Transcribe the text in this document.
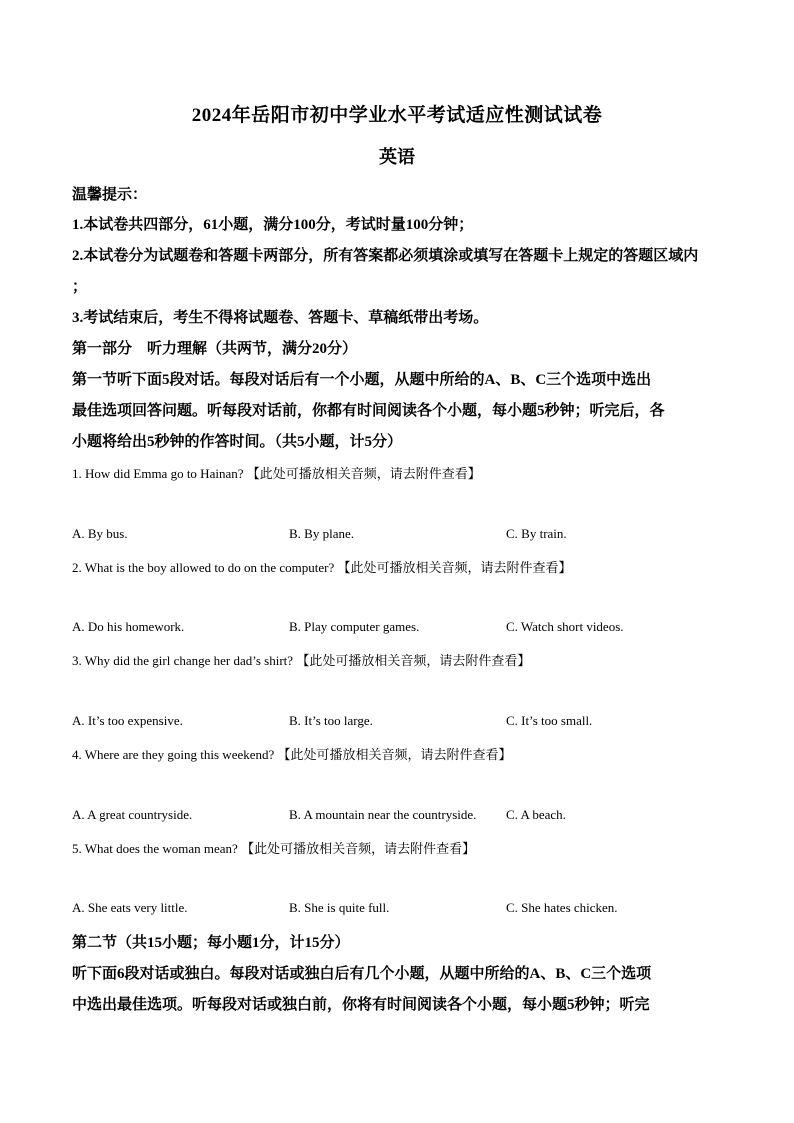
2024年岳阳市初中学业水平考试适应性测试试卷
英语
温馨提示：
1.本试卷共四部分，61小题，满分100分，考试时量100分钟；
2.本试卷分为试题卷和答题卡两部分，所有答案都必须填涂或填写在答题卡上规定的答题区域内
；
3.考试结束后，考生不得将试题卷、答题卡、草稿纸带出考场。
第一部分　听力理解（共两节，满分20分）
第一节听下面5段对话。每段对话后有一个小题，从题中所给的A、B、C三个选项中选出
最佳选项回答问题。听每段对话前，你都有时间阅读各个小题，每小题5秒钟；听完后，各
小题将给出5秒钟的作答时间。（共5小题，计5分）
1. How did Emma go to Hainan? 【此处可播放相关音频，请去附件查看】
A. By bus.	B. By plane.	C. By train.
2. What is the boy allowed to do on the computer? 【此处可播放相关音频，请去附件查看】
A. Do his homework.	B. Play computer games.	C. Watch short videos.
3. Why did the girl change her dad’s shirt? 【此处可播放相关音频，请去附件查看】
A. It’s too expensive.	B. It’s too large.	C. It’s too small.
4. Where are they going this weekend? 【此处可播放相关音频，请去附件查看】
A. A great countryside.	B. A mountain near the countryside. C. A beach.
5. What does the woman mean? 【此处可播放相关音频，请去附件查看】
A. She eats very little.	B. She is quite full.	C. She hates chicken.
第二节（共15小题；每小题1分，计15分）
听下面6段对话或独白。每段对话或独白后有几个小题，从题中所给的A、B、C三个选项
中选出最佳选项。听每段对话或独白前，你将有时间阅读各个小题，每小题5秒钟；听完
